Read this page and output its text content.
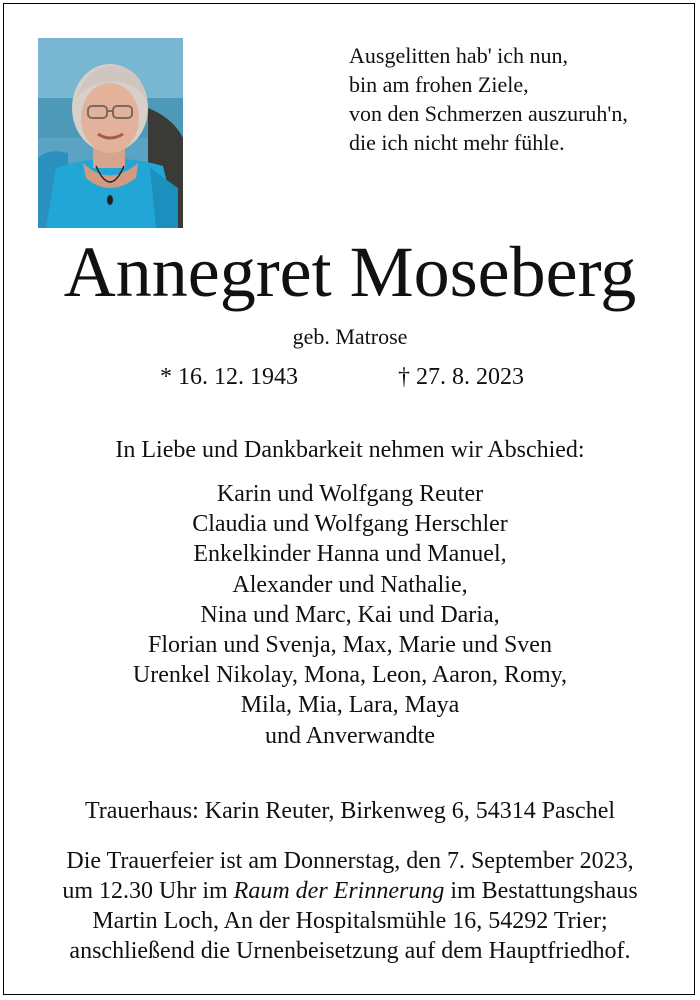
Ausgelitten hab' ich nun,
bin am frohen Ziele,
von den Schmerzen auszuruh'n,
die ich nicht mehr fühle.
Annegret Moseberg
geb. Matrose
* 16. 12. 1943	† 27. 8. 2023
In Liebe und Dankbarkeit nehmen wir Abschied:
Karin und Wolfgang Reuter
Claudia und Wolfgang Herschler
Enkelkinder Hanna und Manuel,
Alexander und Nathalie,
Nina und Marc, Kai und Daria,
Florian und Svenja, Max, Marie und Sven
Urenkel Nikolay, Mona, Leon, Aaron, Romy,
Mila, Mia, Lara, Maya
und Anverwandte
Trauerhaus: Karin Reuter, Birkenweg 6, 54314 Paschel
Die Trauerfeier ist am Donnerstag, den 7. September 2023,
um 12.30 Uhr im Raum der Erinnerung im Bestattungshaus
Martin Loch, An der Hospitalsmühle 16, 54292 Trier;
anschließend die Urnenbeisetzung auf dem Hauptfriedhof.
